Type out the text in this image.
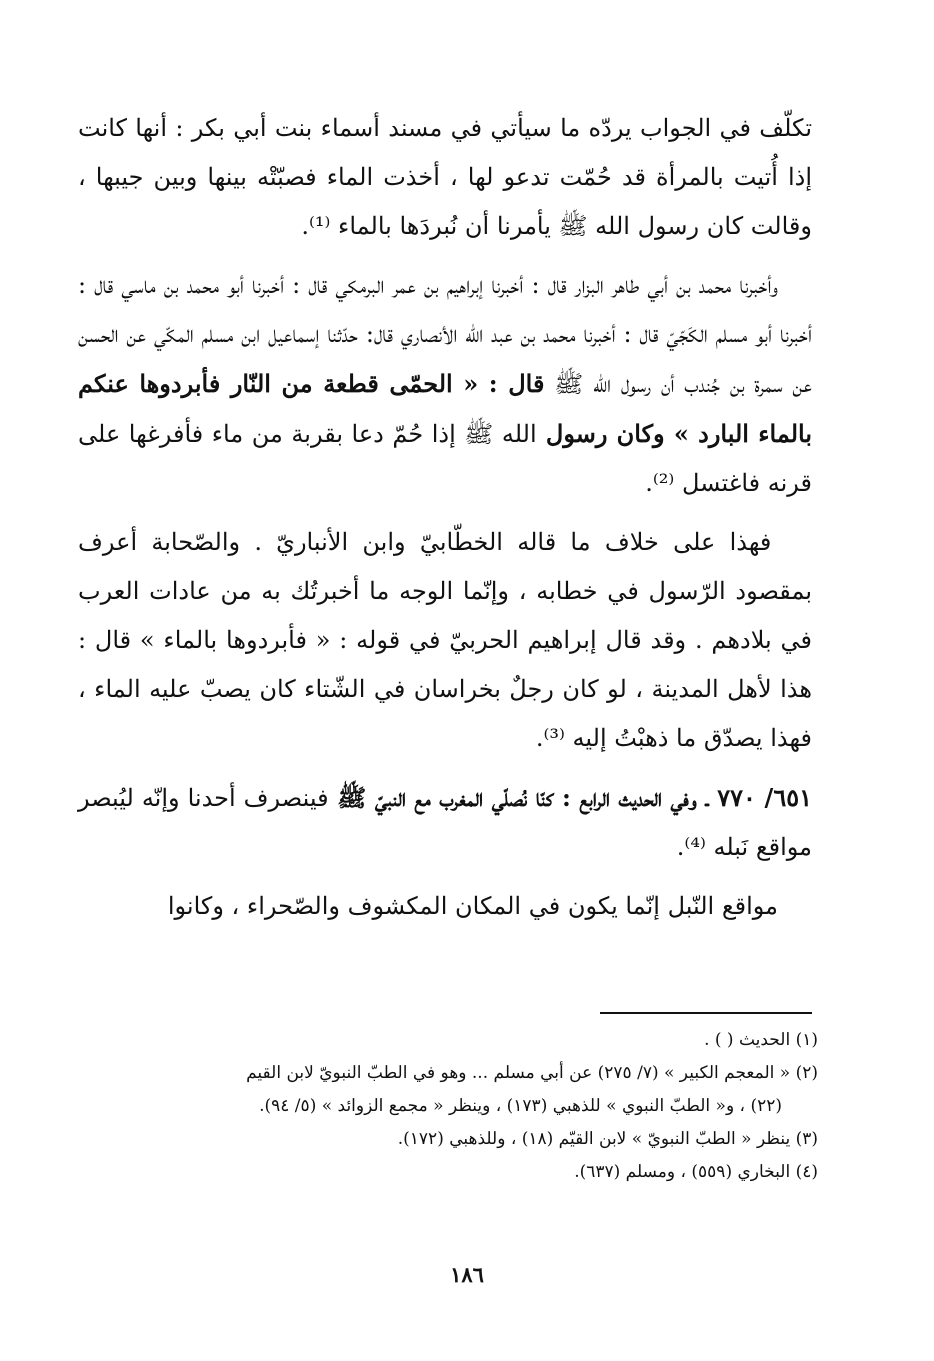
تكلّف في الجواب يردّه ما سيأتي في مسند أسماء بنت أبي بكر : أنها كانت إذا أُتيت بالمرأة قد حُمّت تدعو لها ، أخذت الماء فصبّتْه بينها وبين جيبها ، وقالت كان رسول الله ﷺ يأمرنا أن نُبردَها بالماء ⁽¹⁾.

وأخبرنا محمد بن أبي طاهر البزار قال : أخبرنا إبراهيم بن عمر البرمكي قال : أخبرنا أبو محمد بن ماسي قال : أخبرنا أبو مسلم الكَجّيّ قال : أخبرنا محمد بن عبد الله الأنصاري قال: حدّثنا إسماعيل ابن مسلم المكّي عن الحسن عن سمرة بن جُندب أن رسول الله ﷺ قال : « الحمّى قطعة من النّار فأبردوها عنكم بالماء البارد » وكان رسول الله ﷺ إذا حُمّ دعا بقربة من ماء فأفرغها على قرنه فاغتسل ⁽²⁾.

فهذا على خلاف ما قاله الخطّابيّ وابن الأنباريّ . والصّحابة أعرف بمقصود الرّسول في خطابه ، وإنّما الوجه ما أخبرتُك به من عادات العرب في بلادهم . وقد قال إبراهيم الحربيّ في قوله : « فأبردوها بالماء » قال : هذا لأهل المدينة ، لو كان رجلٌ بخراسان في الشّتاء كان يصبّ عليه الماء ، فهذا يصدّق ما ذهبْتُ إليه ⁽³⁾.

٦٥١/ ٧٧٠ ـ وفي الحديث الرابع : كنّا نُصلّي المغرب مع النبيّ ﷺ فينصرف أحدنا وإنّه ليُبصر مواقع نَبله ⁽⁴⁾.

مواقع النّبل إنّما يكون في المكان المكشوف والصّحراء ، وكانوا

(١) الحديث ( ) .

(٢) « المعجم الكبير » (٧/ ٢٧٥) عن أبي مسلم ... وهو في الطبّ النبويّ لابن القيم

(٢٢) ، و« الطبّ النبوي » للذهبي (١٧٣) ، وينظر « مجمع الزوائد » (٥/ ٩٤).

(٣) ينظر « الطبّ النبويّ » لابن القيّم (١٨) ، وللذهبي (١٧٢).

(٤) البخاري (٥٥٩) ، ومسلم (٦٣٧).

١٨٦
